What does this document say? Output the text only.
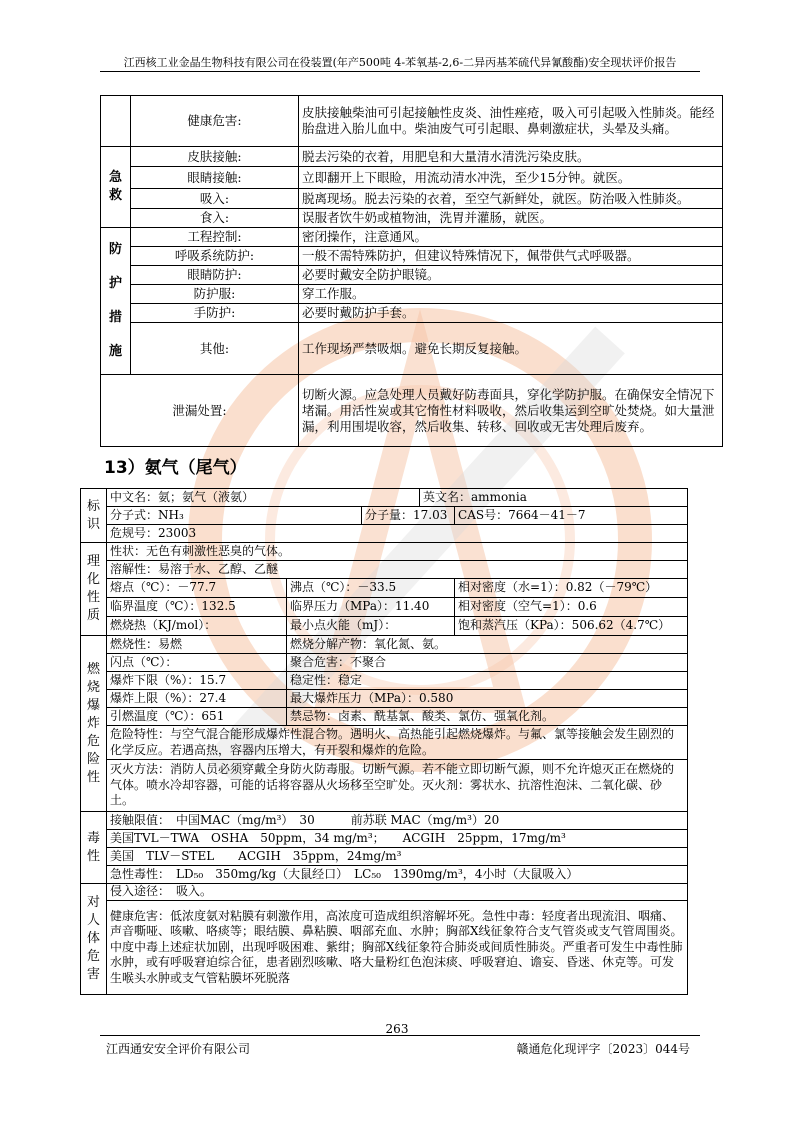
江西核工业金晶生物科技有限公司在役装置(年产500吨 4-苯氧基-2,6-二异丙基苯硫代异氰酸酯)安全现状评价报告
	健康危害:	皮肤接触柴油可引起接触性皮炎、油性痤疮，吸入可引起吸入性肺炎。能经胎盘进入胎儿血中。柴油废气可引起眼、鼻刺激症状，头晕及头痛。
急救	皮肤接触:	脱去污染的衣着，用肥皂和大量清水清洗污染皮肤。
	眼睛接触:	立即翻开上下眼睑，用流动清水冲洗，至少15分钟。就医。
	吸入:	脱离现场。脱去污染的衣着，至空气新鲜处，就医。防治吸入性肺炎。
	食入:	误服者饮牛奶或植物油，洗胃并灌肠，就医。
防护措施	工程控制:	密闭操作，注意通风。
	呼吸系统防护:	一般不需特殊防护，但建议特殊情况下，佩带供气式呼吸器。
	眼睛防护:	必要时戴安全防护眼镜。
	防护服:	穿工作服。
	手防护:	必要时戴防护手套。
	其他:	工作现场严禁吸烟。避免长期反复接触。
泄漏处置:		切断火源。应急处理人员戴好防毒面具，穿化学防护服。在确保安全情况下堵漏。用活性炭或其它惰性材料吸收，然后收集运到空旷处焚烧。如大量泄漏，利用围堤收容，然后收集、转移、回收或无害处理后废弃。
13）氨气（尾气）
标识	中文名：氨；氨气（液氨）			英文名：ammonia	
	分子式：NH₃		分子量：17.03		CAS号：7664－41－7
	危规号：23003				
理化性质	性状：无色有刺激性恶臭的气体。				
	溶解性：易溶于水、乙醇、乙醚				
	熔点（℃）：－77.7	沸点（℃）：－33.5			相对密度（水=1）：0.82（－79℃）
	临界温度（℃）：132.5	临界压力（MPa）：11.40			相对密度（空气=1）：0.6
	燃烧热（KJ/mol）：	最小点火能（mJ）：			饱和蒸汽压（KPa）：506.62（4.7℃）
燃烧爆炸危险性	燃烧性：易燃	燃烧分解产物：氧化氮、氨。			
	闪点（℃）：	聚合危害：不聚合			
	爆炸下限（%）：15.7	稳定性：稳定			
	爆炸上限（%）：27.4	最大爆炸压力（MPa）：0.580			
	引燃温度（℃）：651	禁忌物：卤素、酰基氯、酸类、氯仿、强氧化剂。			
	危险特性：与空气混合能形成爆炸性混合物。遇明火、高热能引起燃烧爆炸。与氟、氯等接触会发生剧烈的化学反应。若遇高热，容器内压增大，有开裂和爆炸的危险。				
	灭火方法：消防人员必须穿戴全身防火防毒服。切断气源。若不能立即切断气源，则不允许熄灭正在燃烧的气体。喷水冷却容器，可能的话将容器从火场移至空旷处。灭火剂：雾状水、抗溶性泡沫、二氧化碳、砂土。				
毒性	接触限值：　中国MAC（mg/m³）　30　　　前苏联 MAC（mg/m³）20				
	美国TVL－TWA　OSHA　50ppm，34 mg/m³；　　ACGIH　25ppm，17mg/m³				
	美国　TLV－STEL　　ACGIH　35ppm，24mg/m³				
	急性毒性：　LD₅₀　350mg/kg（大鼠经口）　LC₅₀　1390mg/m³，4小时（大鼠吸入）				
对人体危害	侵入途径：　吸入。				
	健康危害：低浓度氨对粘膜有刺激作用，高浓度可造成组织溶解坏死。急性中毒：轻度者出现流泪、咽痛、声音嘶哑、咳嗽、咯痰等；眼结膜、鼻粘膜、咽部充血、水肿；胸部X线征象符合支气管炎或支气管周围炎。中度中毒上述症状加剧，出现呼吸困难、紫绀；胸部X线征象符合肺炎或间质性肺炎。严重者可发生中毒性肺水肿，或有呼吸窘迫综合征，患者剧烈咳嗽、咯大量粉红色泡沫痰、呼吸窘迫、谵妄、昏迷、休克等。可发生喉头水肿或支气管粘膜坏死脱落				
263
江西通安安全评价有限公司	赣通危化现评字〔2023〕044号
